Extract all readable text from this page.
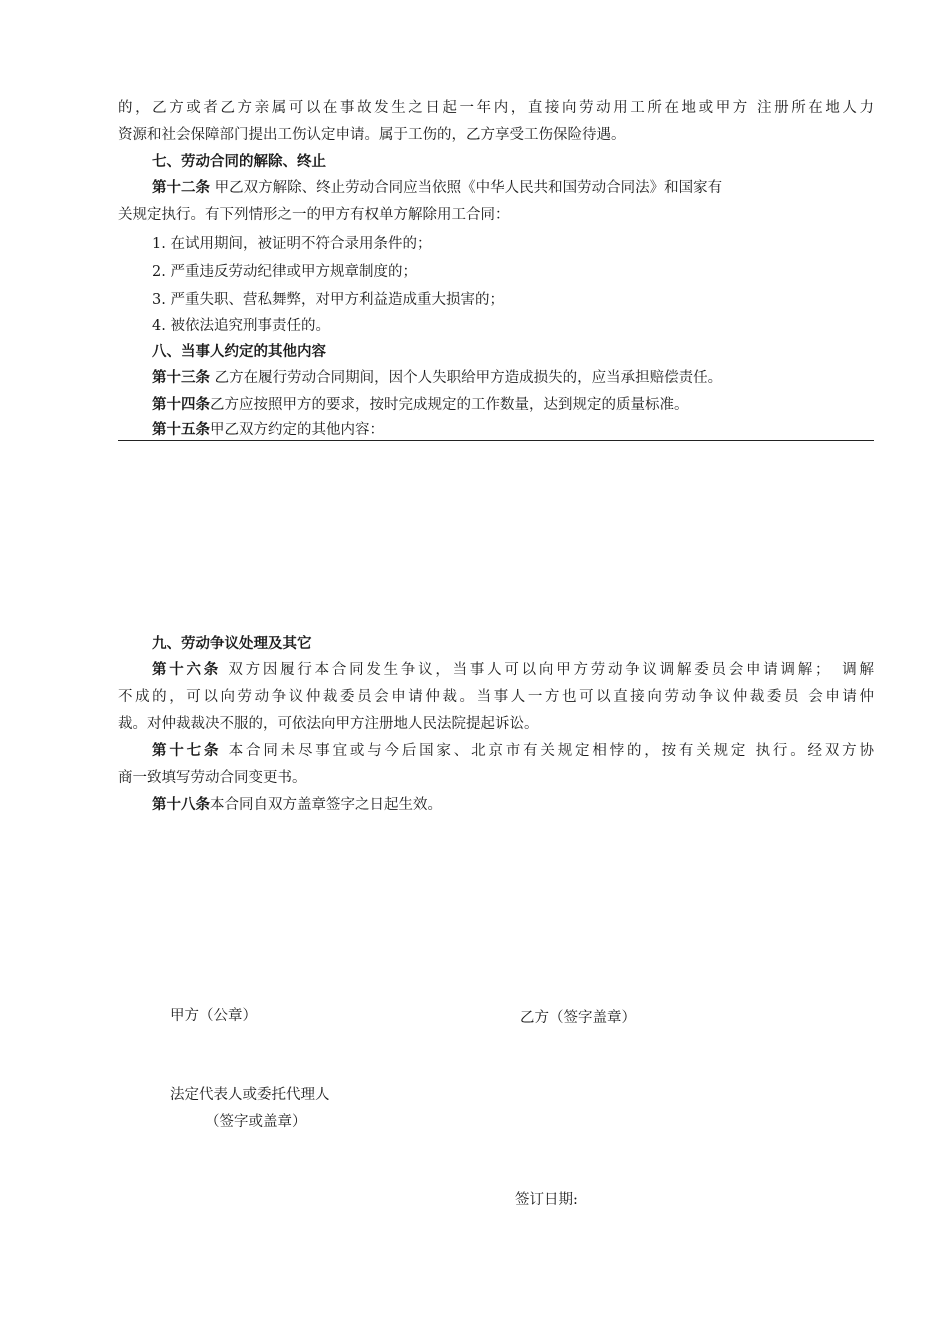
的，乙方或者乙方亲属可以在事故发生之日起一年内，直接向劳动用工所在地或甲方 注册所在地人力
资源和社会保障部门提出工伤认定申请。属于工伤的，乙方享受工伤保险待遇。
七、劳动合同的解除、终止
第十二条 甲乙双方解除、终止劳动合同应当依照《中华人民共和国劳动合同法》和国家有
关规定执行。有下列情形之一的甲方有权单方解除用工合同：
1. 在试用期间，被证明不符合录用条件的；
2. 严重违反劳动纪律或甲方规章制度的；
3. 严重失职、营私舞弊，对甲方利益造成重大损害的；
4. 被依法追究刑事责任的。
八、当事人约定的其他内容
第十三条 乙方在履行劳动合同期间，因个人失职给甲方造成损失的，应当承担赔偿责任。
第十四条乙方应按照甲方的要求，按时完成规定的工作数量，达到规定的质量标准。
第十五条甲乙双方约定的其他内容：
九、劳动争议处理及其它
第十六条 双方因履行本合同发生争议，当事人可以向甲方劳动争议调解委员会申请调解；　调解
不成的，可以向劳动争议仲裁委员会申请仲裁。当事人一方也可以直接向劳动争议仲裁委员 会申请仲
裁。对仲裁裁决不服的，可依法向甲方注册地人民法院提起诉讼。
第十七条 本合同未尽事宜或与今后国家、北京市有关规定相悖的，按有关规定 执行。经双方协
商一致填写劳动合同变更书。
第十八条本合同自双方盖章签字之日起生效。
甲方（公章）	乙方（签字盖章）
法定代表人或委托代理人
（签字或盖章）
签订日期:
